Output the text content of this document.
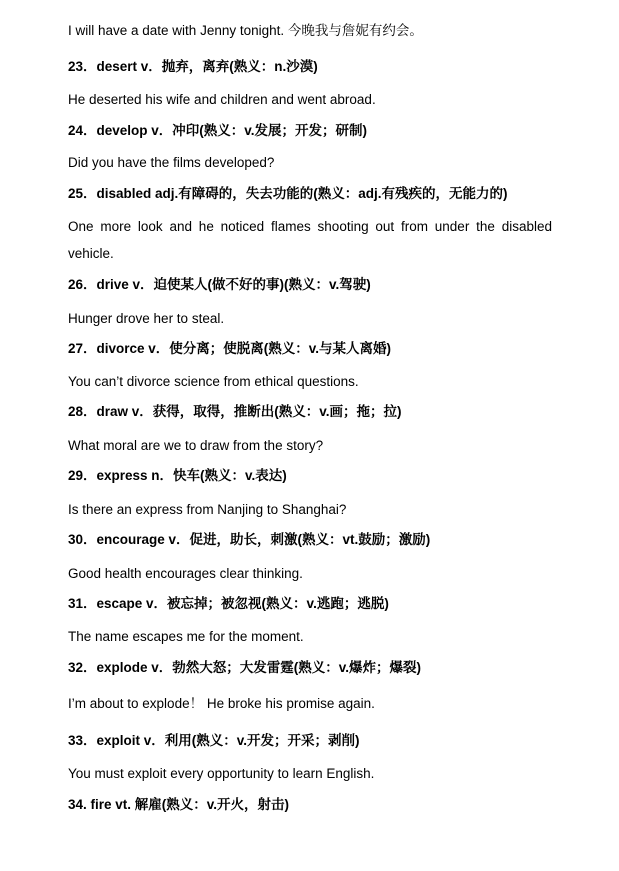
I will have a date with Jenny tonight. 今晚我与詹妮有约会。
23．desert v．抛弃，离弃(熟义：n.沙漠)
He deserted his wife and children and went abroad.
24．develop v．冲印(熟义：v.发展；开发；研制)
Did you have the films developed?
25．disabled adj.有障碍的，失去功能的(熟义：adj.有残疾的，无能力的)
One more look and he noticed flames shooting out from under the disabled vehicle.
26．drive v．迫使某人(做不好的事)(熟义：v.驾驶)
Hunger drove her to steal.
27．divorce v．使分离；使脱离(熟义：v.与某人离婚)
You can’t divorce science from ethical questions.
28．draw v．获得，取得，推断出(熟义：v.画；拖；拉)
What moral are we to draw from the story?
29．express n．快车(熟义：v.表达)
Is there an express from Nanjing to Shanghai?
30．encourage v．促进，助长，刺激(熟义：vt.鼓励；激励)
Good health encourages clear thinking.
31．escape v．被忘掉；被忽视(熟义：v.逃跑；逃脱)
The name escapes me for the moment.
32．explode v．勃然大怒；大发雷霆(熟义：v.爆炸；爆裂)
I’m about to explode！ He broke his promise again.
33．exploit v．利用(熟义：v.开发；开采；剥削)
You must exploit every opportunity to learn English.
34. fire vt. 解雇(熟义：v.开火，射击)
